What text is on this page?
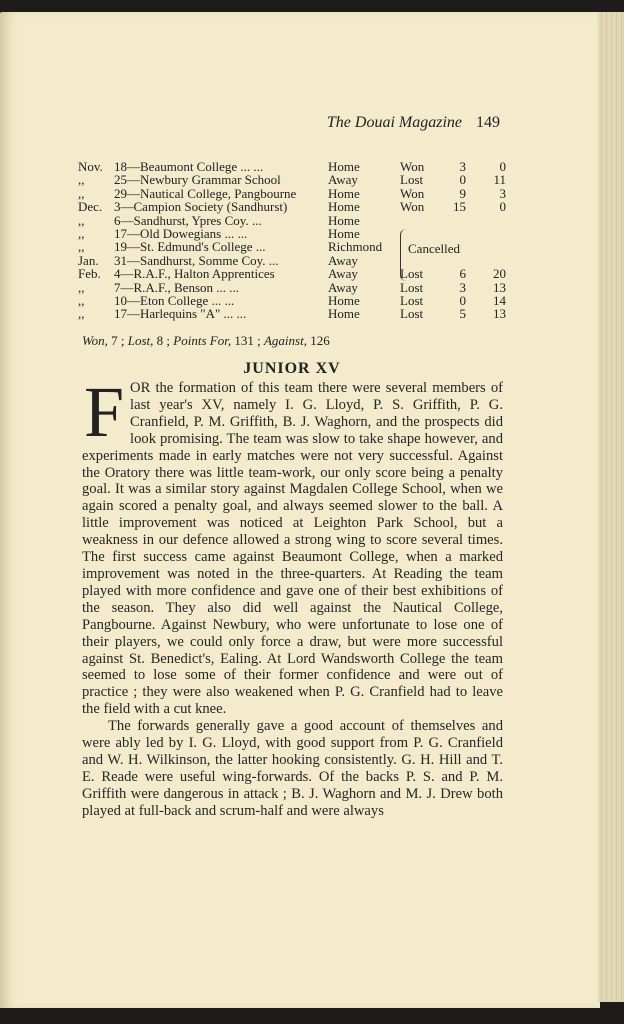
The Douai Magazine 149
Nov.	18—Beaumont College ... ...	Home	Won	3	0
,,	25—Newbury Grammar School	Away	Lost	0	11
,,	29—Nautical College, Pangbourne	Home	Won	9	3
Dec.	3—Campion Society (Sandhurst)	Home	Won	15	0
,,	6—Sandhurst, Ypres Coy. ...	Home			
,,	17—Old Dowegians ... ...	Home			
,,	19—St. Edmund's College ...	Richmond			
Jan.	31—Sandhurst, Somme Coy. ...	Away			
Feb.	4—R.A.F., Halton Apprentices	Away	Lost	6	20
,,	7—R.A.F., Benson ... ...	Away	Lost	3	13
,,	10—Eton College ... ...	Home	Lost	0	14
,,	17—Harlequins "A" ... ...	Home	Lost	5	13
Cancelled
Won, 7 ; Lost, 8 ; Points For, 131 ; Against, 126
JUNIOR XV

FOR the formation of this team there were several members of last year's XV, namely I. G. Lloyd, P. S. Griffith, P. G. Cranfield, P. M. Griffith, B. J. Waghorn, and the prospects did look promising. The team was slow to take shape however, and experiments made in early matches were not very successful. Against the Oratory there was little team-work, our only score being a penalty goal. It was a similar story against Magdalen College School, when we again scored a penalty goal, and always seemed slower to the ball. A little improvement was noticed at Leighton Park School, but a weakness in our defence allowed a strong wing to score several times. The first success came against Beaumont College, when a marked improvement was noted in the three-quarters. At Reading the team played with more confidence and gave one of their best exhibitions of the season. They also did well against the Nautical College, Pangbourne. Against Newbury, who were unfortunate to lose one of their players, we could only force a draw, but were more successful against St. Benedict's, Ealing. At Lord Wandsworth College the team seemed to lose some of their former confidence and were out of practice ; they were also weakened when P. G. Cranfield had to leave the field with a cut knee.

The forwards generally gave a good account of themselves and were ably led by I. G. Lloyd, with good support from P. G. Cranfield and W. H. Wilkinson, the latter hooking consistently. G. H. Hill and T. E. Reade were useful wing-forwards. Of the backs P. S. and P. M. Griffith were dangerous in attack ; B. J. Waghorn and M. J. Drew both played at full-back and scrum-half and were always
